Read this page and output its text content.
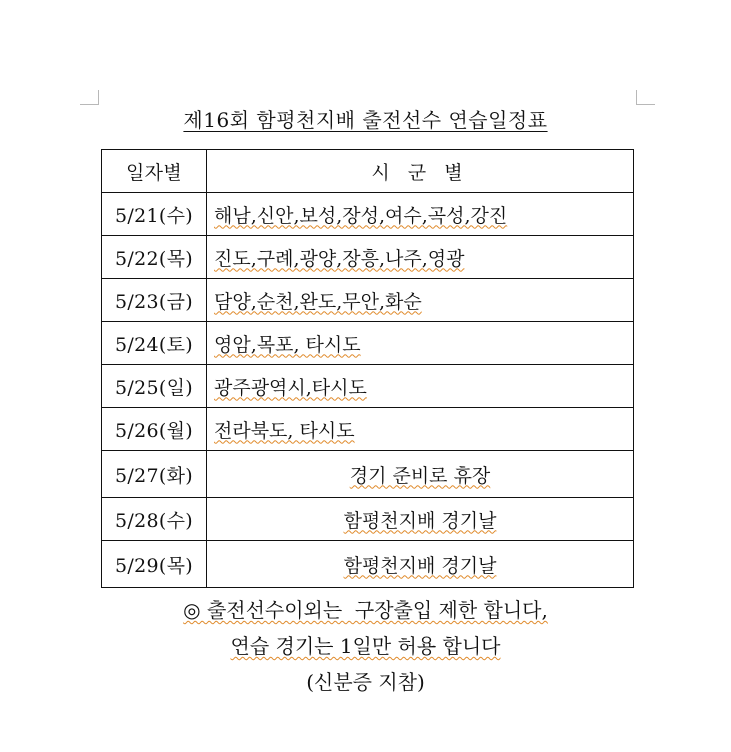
제16회 함평천지배 출전선수 연습일정표
일자별	시 군 별
5/21(수)	해남,신안,보성,장성,여수,곡성,강진
5/22(목)	진도,구례,광양,장흥,나주,영광
5/23(금)	담양,순천,완도,무안,화순
5/24(토)	영암,목포, 타시도
5/25(일)	광주광역시,타시도
5/26(월)	전라북도, 타시도
5/27(화)	경기 준비로 휴장
5/28(수)	함평천지배 경기날
5/29(목)	함평천지배 경기날
◎ 출전선수이외는  구장출입 제한 합니다,
연습 경기는 1일만 허용 합니다
(신분증 지참)
